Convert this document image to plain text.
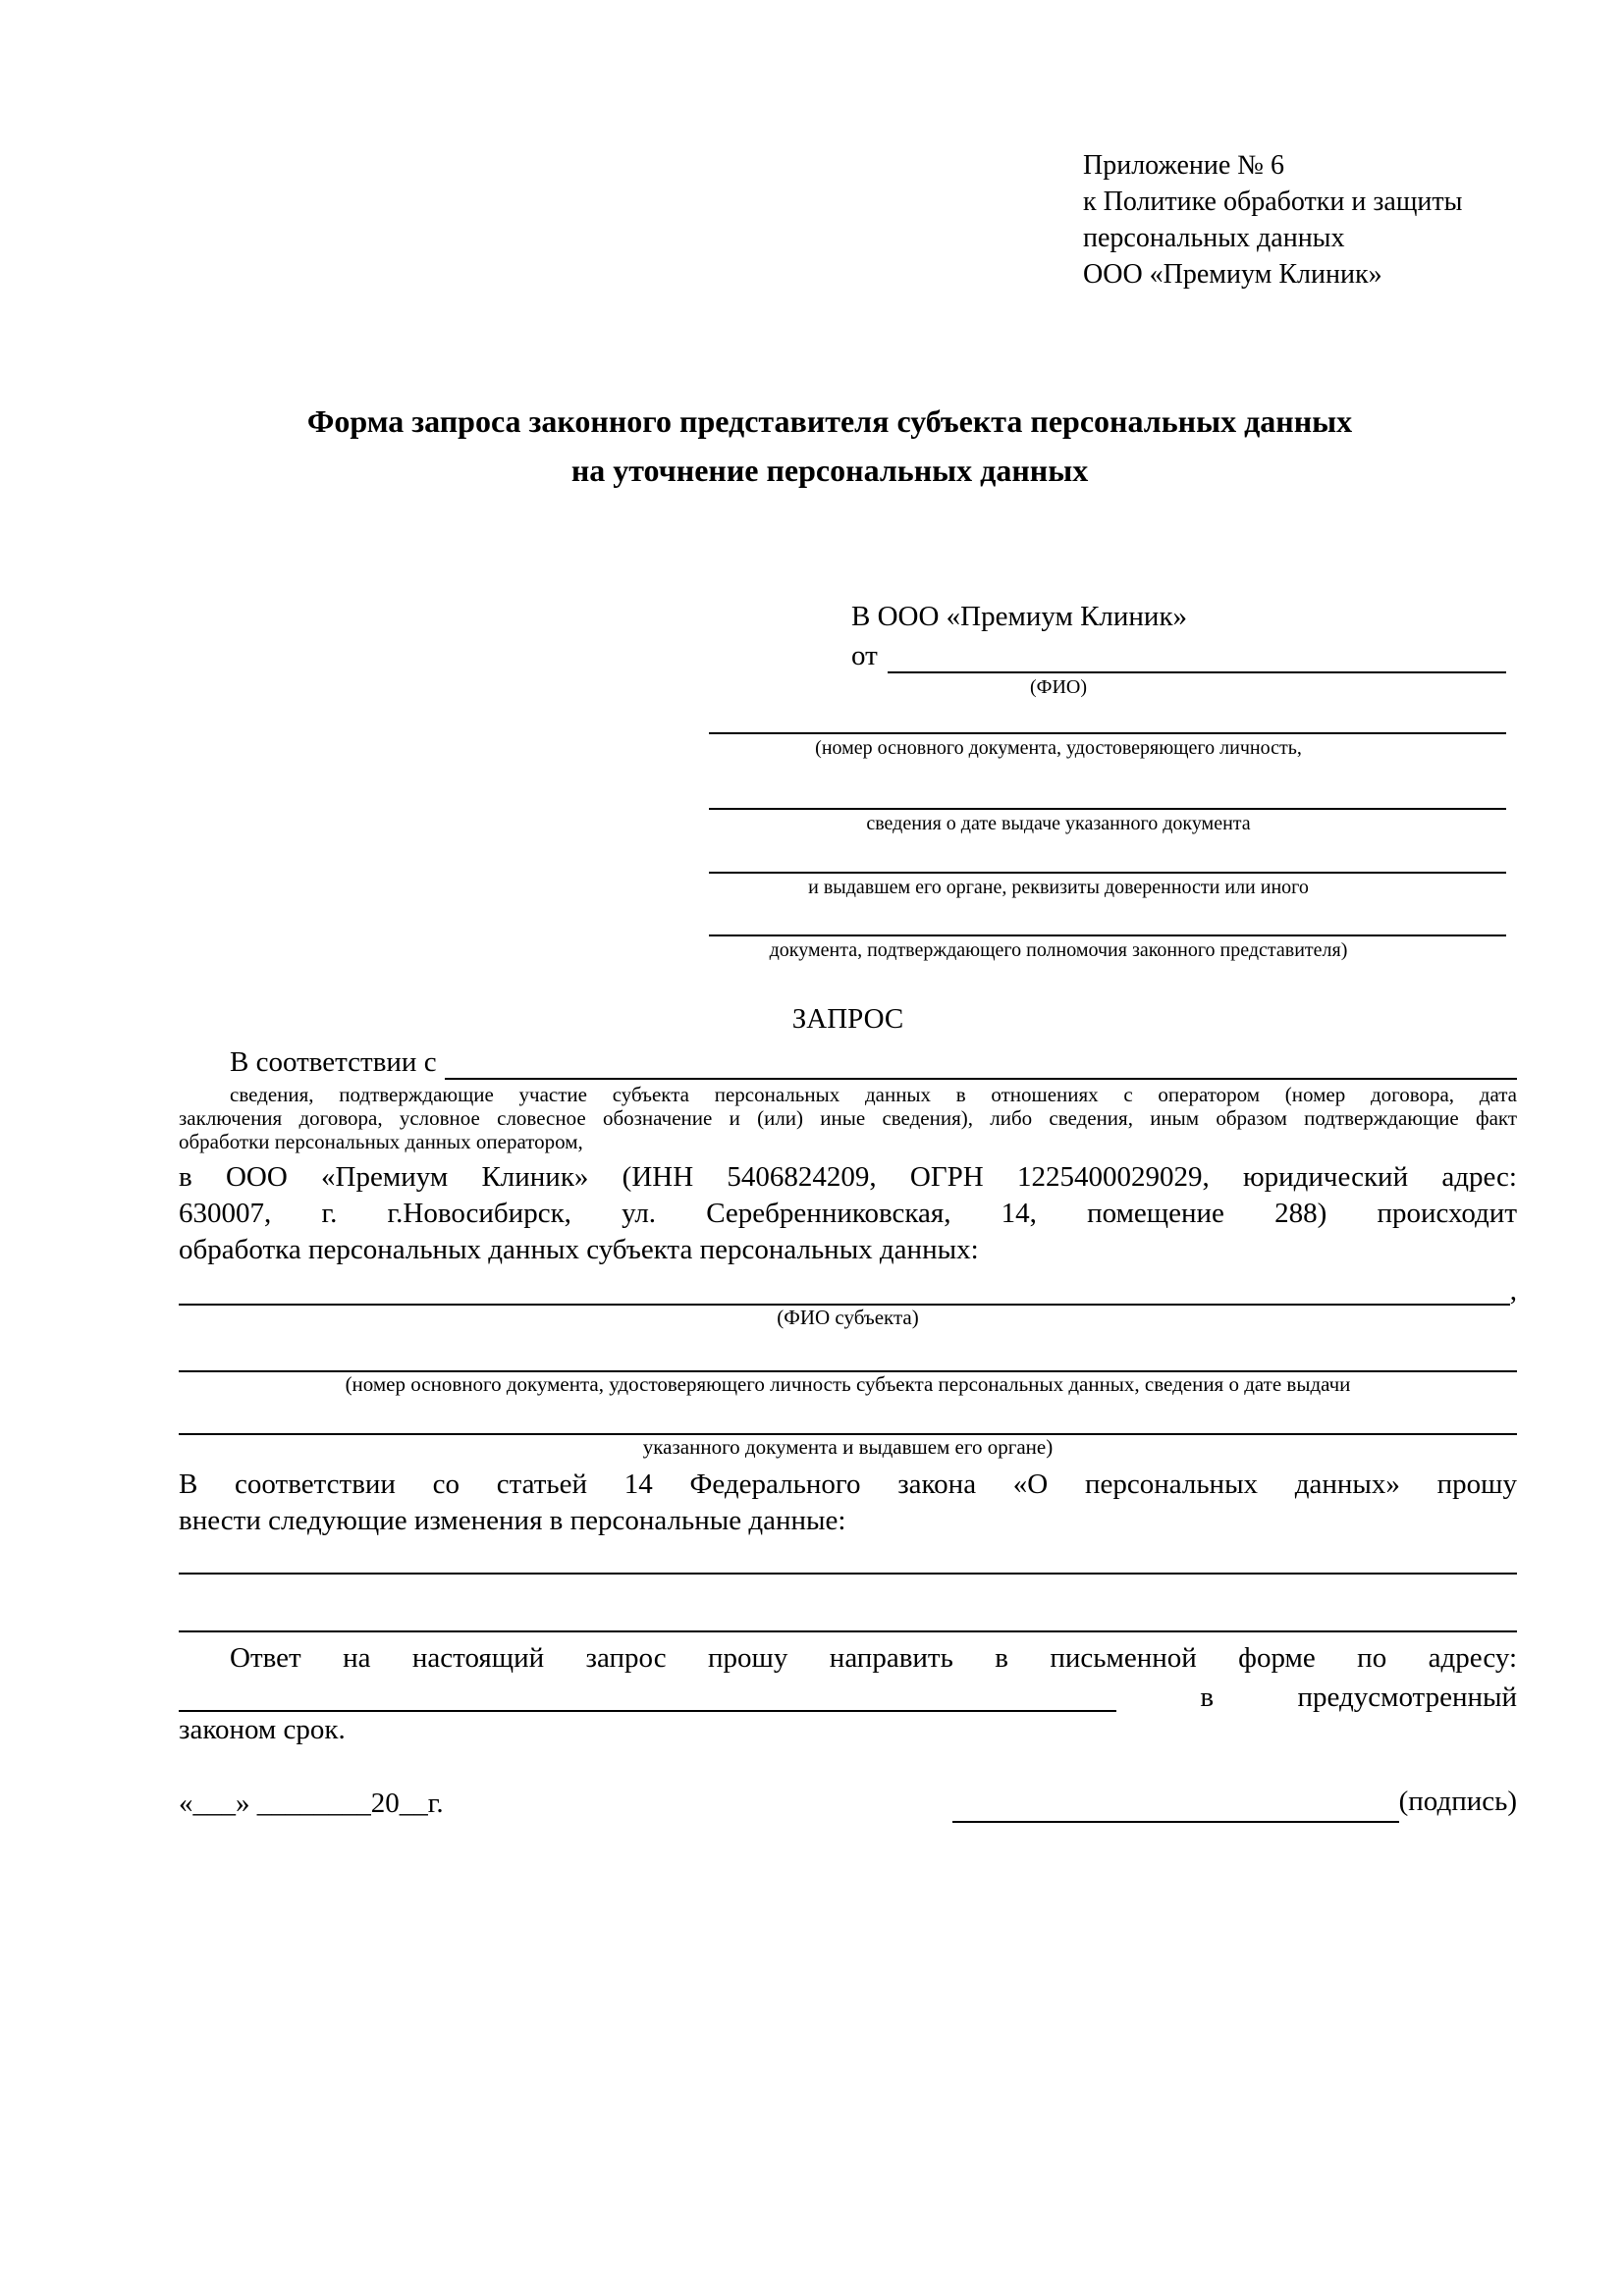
Приложение № 6
к Политике обработки и защиты
персональных данных
ООО «Премиум Клиник»
Форма запроса законного представителя субъекта персональных данных
на уточнение персональных данных
В ООО «Премиум Клиник»
от
(ФИО)
(номер основного документа, удостоверяющего личность,
сведения о дате выдаче указанного документа
и выдавшем его органе, реквизиты доверенности или иного
документа, подтверждающего полномочия законного представителя)
ЗАПРОС
В соответствии с
сведения, подтверждающие участие субъекта персональных данных в отношениях с оператором (номер договора, дата
заключения договора, условное словесное обозначение и (или) иные сведения), либо сведения, иным образом подтверждающие факт
обработки персональных данных оператором,
в ООО «Премиум Клиник» (ИНН 5406824209, ОГРН 1225400029029, юридический адрес:
630007, г. г.Новосибирск, ул. Серебренниковская, 14, помещение 288) происходит
обработка персональных данных субъекта персональных данных:
,
(ФИО субъекта)
(номер основного документа, удостоверяющего личность субъекта персональных данных, сведения о дате выдачи
указанного документа и выдавшем его органе)
В соответствии со статьей 14 Федерального закона «О персональных данных» прошу
внести следующие изменения в персональные данные:
Ответ на настоящий запрос прошу направить в письменной форме по адресу:
в	предусмотренный
законом срок.
«___» ________20__г.	(подпись)
